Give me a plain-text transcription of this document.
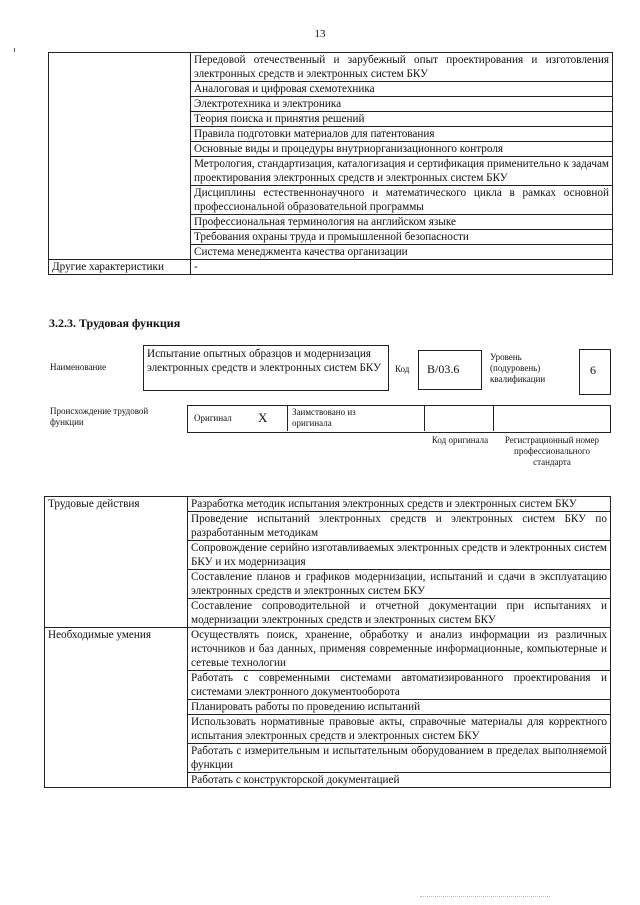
13
	Передовой отечественный и зарубежный опыт проектирования и изготовления электронных средств и электронных систем БКУ
	Аналоговая и цифровая схемотехника
	Электротехника и электроника
	Теория поиска и принятия решений
	Правила подготовки материалов для патентования
	Основные виды и процедуры внутриорганизационного контроля
	Метрология, стандартизация, каталогизация и сертификация применительно к задачам проектирования электронных средств и электронных систем БКУ
	Дисциплины естественнонаучного и математического цикла в рамках основной профессиональной образовательной программы
	Профессиональная терминология на английском языке
	Требования охраны труда и промышленной безопасности
	Система менеджмента качества организации
Другие характеристики	-
3.2.3. Трудовая функция
Наименование
Испытание опытных образцов и модернизация электронных средств и электронных систем БКУ Код В/03.6
Уровень (подуровень) квалификации
6
Происхождение трудовой функции	Оригинал X	Заимствовано из оригинала
Код оригинала	Регистрационный номер профессионального стандарта
Трудовые действия	Разработка методик испытания электронных средств и электронных систем БКУ
	Проведение испытаний электронных средств и электронных систем БКУ по разработанным методикам
	Сопровождение серийно изготавливаемых электронных средств и электронных систем БКУ и их модернизация
	Составление планов и графиков модернизации, испытаний и сдачи в эксплуатацию электронных средств и электронных систем БКУ
	Составление сопроводительной и отчетной документации при испытаниях и модернизации электронных средств и электронных систем БКУ
Необходимые умения	Осуществлять поиск, хранение, обработку и анализ информации из различных источников и баз данных, применяя современные информационные, компьютерные и сетевые технологии
	Работать с современными системами автоматизированного проектирования и системами электронного документооборота
	Планировать работы по проведению испытаний
	Использовать нормативные правовые акты, справочные материалы для корректного испытания электронных средств и электронных систем БКУ
	Работать с измерительным и испытательным оборудованием в пределах выполняемой функции
	Работать с конструкторской документацией
